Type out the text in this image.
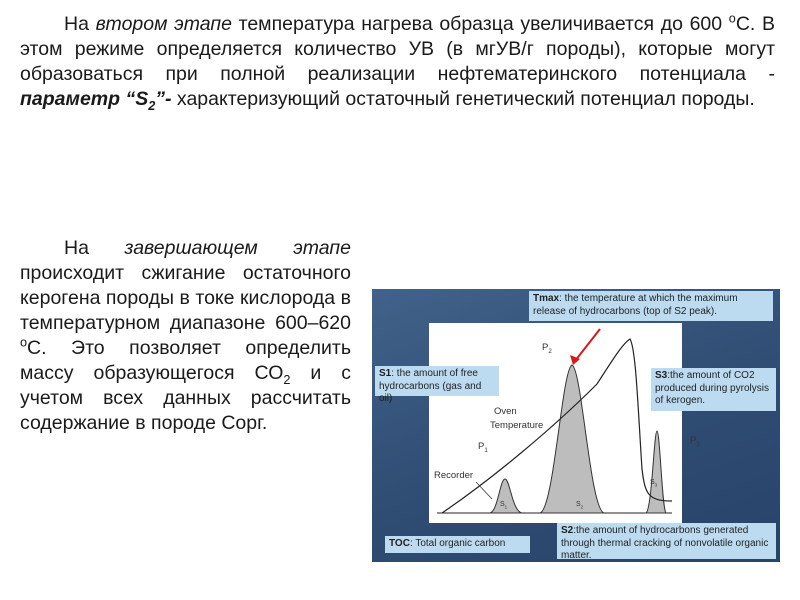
На втором этапе температура нагрева образца увеличивается до 600 $^о$С. В этом режиме определяется количество УВ (в мгУВ/г породы), которые могут образоваться при полной реализации нефтематеринского потенциала - параметр “$S_2”-$ характеризующий остаточный генетический потенциал породы.

На завершающем этапе происходит сжигание остаточного керогена породы в токе кислорода в температурном диапазоне 600–620 $^о$С. Это позволяет определить массу образующегося $СО_2$ и с учетом всех данных рассчитать содержание в породе Сорг.

$P_2$
$P_1$
$P_3$
Oven
Temperature
Recorder
$S_1$	$S_2$
$S_3$
Tmax: the temperature at which the maximum release of hydrocarbons (top of S2 peak).
S1: the amount of free hydrocarbons (gas and oil)
S3:the amount of CO2 produced during pyrolysis of kerogen.
S2:the amount of hydrocarbons generated through thermal cracking of nonvolatile organic matter.
TOC: Total organic carbon
